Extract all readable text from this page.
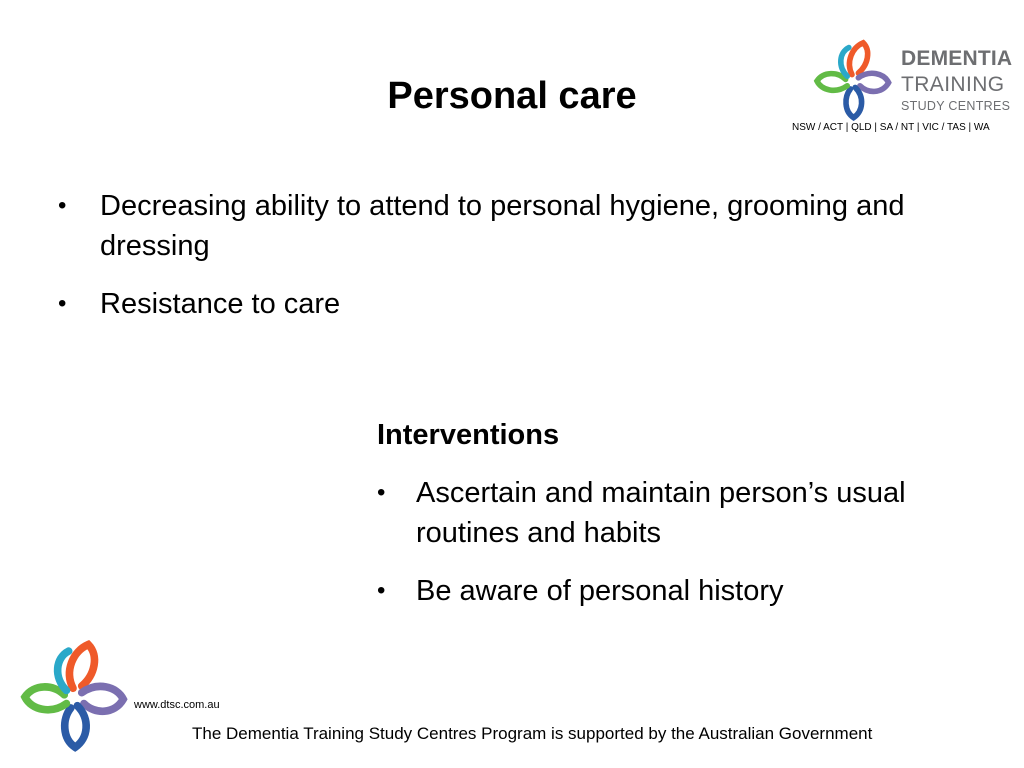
Personal care
DEMENTIA
TRAINING
STUDY CENTRES
NSW / ACT | QLD | SA / NT | VIC / TAS | WA
• Decreasing ability to attend to personal hygiene, grooming and dressing
• Resistance to care
Interventions
• Ascertain and maintain person’s usual routines and habits
• Be aware of personal history
www.dtsc.com.au
The Dementia Training Study Centres Program is supported by the Australian Government
